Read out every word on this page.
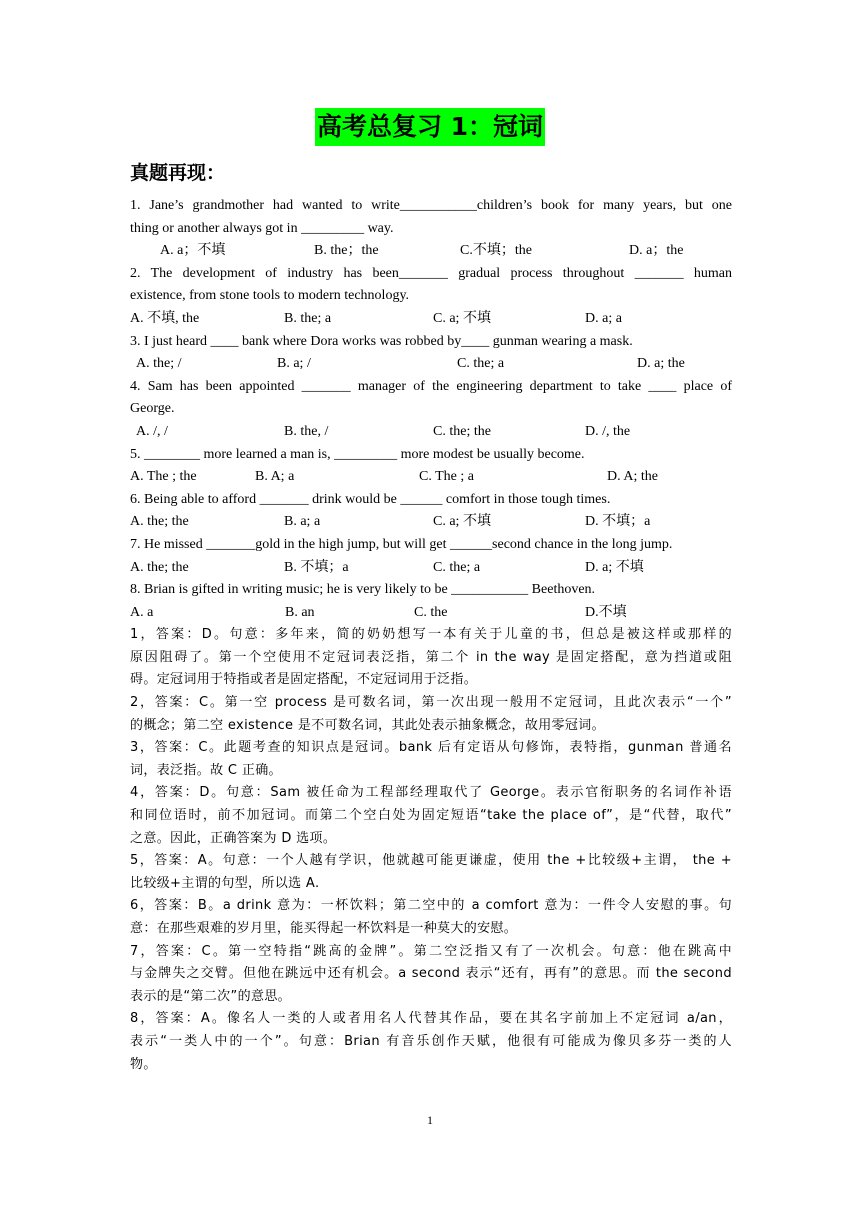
高考总复习 1：冠词
真题再现：
1. Jane’s grandmother had wanted to write___________children’s book for many years, but one
thing or another always got in _________ way.
A. a；不填	B. the；the	C.不填；the	D. a；the
2. The development of industry has been_______ gradual process throughout _______ human
existence, from stone tools to modern technology.
A. 不填, the	B. the; a	C. a; 不填	D. a; a
3. I just heard ____ bank where Dora works was robbed by____ gunman wearing a mask.
A. the; /	B. a; /	C. the; a	D. a; the
4. Sam has been appointed _______ manager of the engineering department to take ____ place of
George.
A. /, /	B. the, /	C. the; the	D. /, the
5. ________ more learned a man is, _________ more modest be usually become.
A. The ; the	B. A; a	C. The ; a	D. A; the
6. Being able to afford _______ drink would be ______ comfort in those tough times.
A. the; the	B. a; a	C. a; 不填	D. 不填；a
7. He missed _______gold in the high jump, but will get ______second chance in the long jump.
A. the; the	B. 不填；a	C. the; a	D. a; 不填
8. Brian is gifted in writing music; he is very likely to be ___________ Beethoven.
A. a	B. an	C. the	D.不填
1，答案：D。句意：多年来，简的奶奶想写一本有关于儿童的书，但总是被这样或那样的
原因阻碍了。第一个空使用不定冠词表泛指，第二个 in the way 是固定搭配，意为挡道或阻
碍。定冠词用于特指或者是固定搭配，不定冠词用于泛指。
2，答案：C。第一空 process 是可数名词，第一次出现一般用不定冠词，且此次表示“一个”
的概念；第二空 existence 是不可数名词，其此处表示抽象概念，故用零冠词。
3，答案：C。此题考查的知识点是冠词。bank 后有定语从句修饰，表特指，gunman 普通名
词，表泛指。故 C 正确。
4，答案：D。句意：Sam 被任命为工程部经理取代了 George。表示官衔职务的名词作补语
和同位语时，前不加冠词。而第二个空白处为固定短语“take the place of”，是“代替，取代”
之意。因此，正确答案为 D 选项。
5，答案：A。句意：一个人越有学识，他就越可能更谦虚，使用 the +比较级+主谓， the +
比较级+主谓的句型，所以选 A.
6，答案：B。a drink 意为：一杯饮料；第二空中的 a comfort 意为：一件令人安慰的事。句
意：在那些艰难的岁月里，能买得起一杯饮料是一种莫大的安慰。
7，答案：C。第一空特指“跳高的金牌”。第二空泛指又有了一次机会。句意：他在跳高中
与金牌失之交臂。但他在跳远中还有机会。a second 表示“还有，再有”的意思。而 the second
表示的是“第二次”的意思。
8，答案：A。像名人一类的人或者用名人代替其作品，要在其名字前加上不定冠词 a/an，
表示“一类人中的一个”。句意：Brian 有音乐创作天赋，他很有可能成为像贝多芬一类的人
物。
1
